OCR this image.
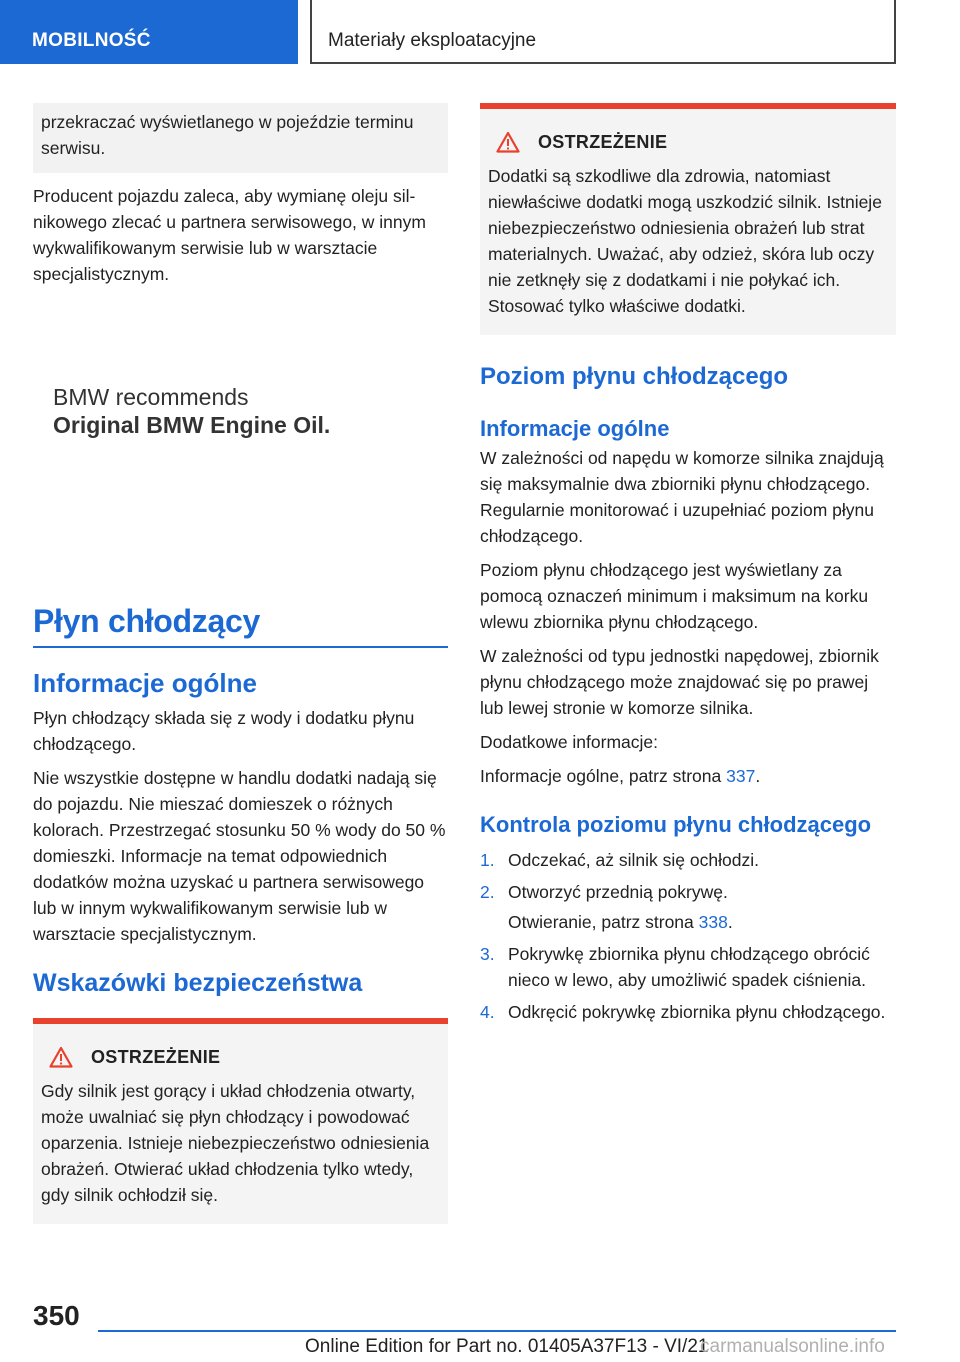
MOBILNOŚĆ	Materiały eksploatacyjne
przekraczać wyświetlanego w pojeździe terminu serwisu.

Producent pojazdu zaleca, aby wymianę oleju silnikowego zlecać u partnera serwisowego, w innym wykwalifikowanym serwisie lub w warsztacie specjalistycznym.

BMW recommends
Original BMW Engine Oil.
Płyn chłodzący
Informacje ogólne

Płyn chłodzący składa się z wody i dodatku płynu chłodzącego.

Nie wszystkie dostępne w handlu dodatki nadają się do pojazdu. Nie mieszać domieszek o różnych kolorach. Przestrzegać stosunku 50 % wody do 50 % domieszki. Informacje na temat odpowiednich dodatków można uzyskać u partnera serwisowego lub w innym wykwalifikowanym serwisie lub w warsztacie specjalistycznym.

Wskazówki bezpieczeństwa
OSTRZEŻENIE
Gdy silnik jest gorący i układ chłodzenia otwarty, może uwalniać się płyn chłodzący i powodować oparzenia. Istnieje niebezpieczeństwo odniesienia obrażeń. Otwierać układ chłodzenia tylko wtedy, gdy silnik ochłodził się.
OSTRZEŻENIE
Dodatki są szkodliwe dla zdrowia, natomiast niewłaściwe dodatki mogą uszkodzić silnik. Istnieje niebezpieczeństwo odniesienia obrażeń lub strat materialnych. Uważać, aby odzież, skóra lub oczy nie zetknęły się z dodatkami i nie połykać ich. Stosować tylko właściwe dodatki.
Poziom płynu chłodzącego
Informacje ogólne

W zależności od napędu w komorze silnika znajdują się maksymalnie dwa zbiorniki płynu chłodzącego. Regularnie monitorować i uzupełniać poziom płynu chłodzącego.

Poziom płynu chłodzącego jest wyświetlany za pomocą oznaczeń minimum i maksimum na korku wlewu zbiornika płynu chłodzącego.

W zależności od typu jednostki napędowej, zbiornik płynu chłodzącego może znajdować się po prawej lub lewej stronie w komorze silnika.

Dodatkowe informacje:

Informacje ogólne, patrz strona 337.

Kontrola poziomu płynu chłodzącego
1. Odczekać, aż silnik się ochłodzi.
2. Otworzyć przednią pokrywę.
Otwieranie, patrz strona 338.
3. Pokrywkę zbiornika płynu chłodzącego obrócić nieco w lewo, aby umożliwić spadek ciśnienia.
4. Odkręcić pokrywkę zbiornika płynu chłodzącego.
350
Online Edition for Part no. 01405A37F13 - VI/21
carmanualsonline.info
